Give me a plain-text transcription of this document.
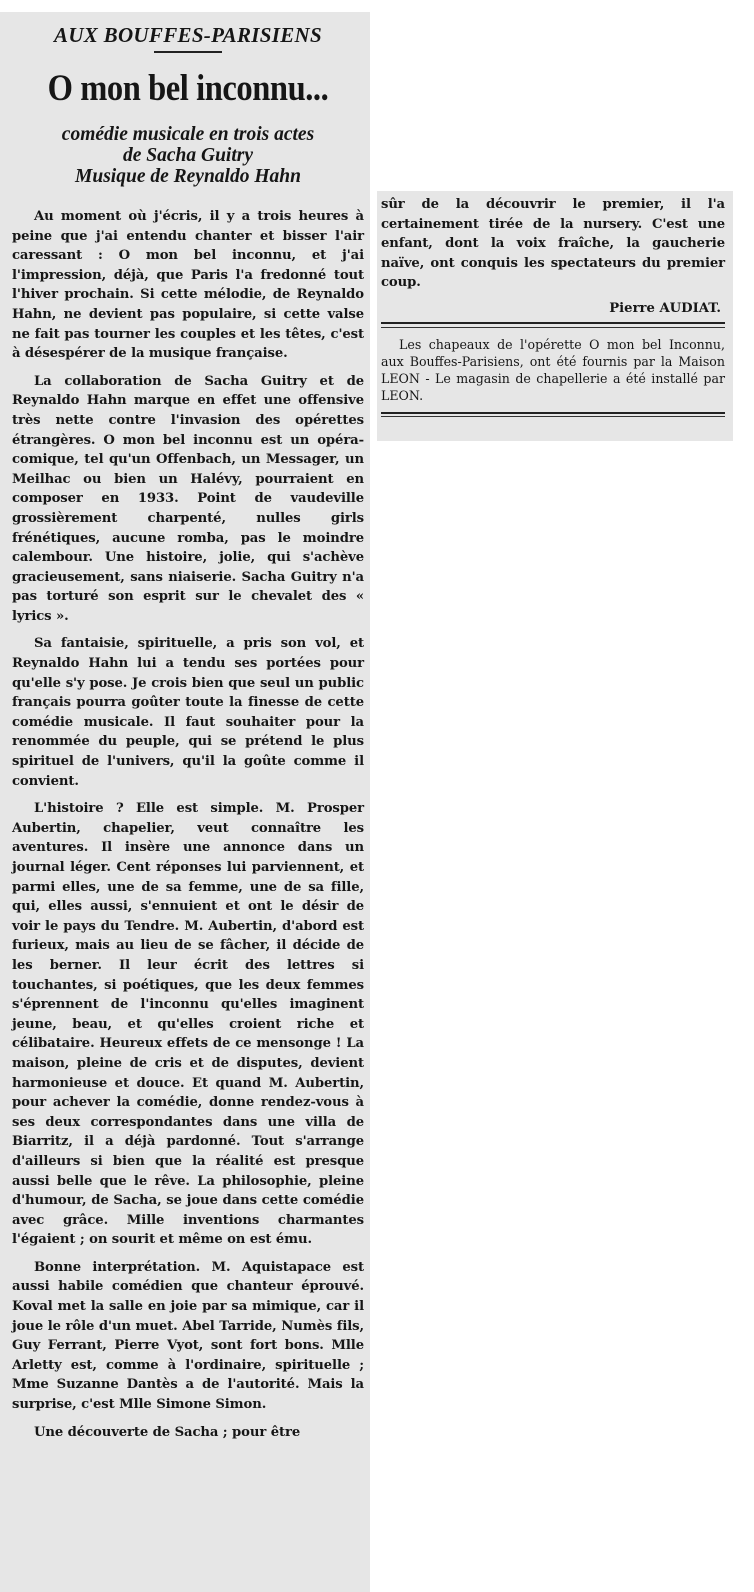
AUX BOUFFES-PARISIENS
O mon bel inconnu...

comédie musicale en trois actes

de Sacha Guitry

Musique de Reynaldo Hahn

Au moment où j'écris, il y a trois heures à peine que j'ai entendu chanter et bisser l'air caressant : O mon bel inconnu, et j'ai l'impression, déjà, que Paris l'a fredonné tout l'hiver prochain. Si cette mélodie, de Reynaldo Hahn, ne devient pas populaire, si cette valse ne fait pas tourner les couples et les têtes, c'est à désespérer de la musique française.

La collaboration de Sacha Guitry et de Reynaldo Hahn marque en effet une offensive très nette contre l'invasion des opérettes étrangères. O mon bel inconnu est un opéra-comique, tel qu'un Offenbach, un Messager, un Meilhac ou bien un Halévy, pourraient en composer en 1933. Point de vaudeville grossièrement charpenté, nulles girls frénétiques, aucune romba, pas le moindre calembour. Une histoire, jolie, qui s'achève gracieusement, sans niaiserie. Sacha Guitry n'a pas torturé son esprit sur le chevalet des « lyrics ».

Sa fantaisie, spirituelle, a pris son vol, et Reynaldo Hahn lui a tendu ses portées pour qu'elle s'y pose. Je crois bien que seul un public français pourra goûter toute la finesse de cette comédie musicale. Il faut souhaiter pour la renommée du peuple, qui se prétend le plus spirituel de l'univers, qu'il la goûte comme il convient.

L'histoire ? Elle est simple. M. Prosper Aubertin, chapelier, veut connaître les aventures. Il insère une annonce dans un journal léger. Cent réponses lui parviennent, et parmi elles, une de sa femme, une de sa fille, qui, elles aussi, s'ennuient et ont le désir de voir le pays du Tendre. M. Aubertin, d'abord est furieux, mais au lieu de se fâcher, il décide de les berner. Il leur écrit des lettres si touchantes, si poétiques, que les deux femmes s'éprennent de l'inconnu qu'elles imaginent jeune, beau, et qu'elles croient riche et célibataire. Heureux effets de ce mensonge ! La maison, pleine de cris et de disputes, devient harmonieuse et douce. Et quand M. Aubertin, pour achever la comédie, donne rendez-vous à ses deux correspondantes dans une villa de Biarritz, il a déjà pardonné. Tout s'arrange d'ailleurs si bien que la réalité est presque aussi belle que le rêve. La philosophie, pleine d'humour, de Sacha, se joue dans cette comédie avec grâce. Mille inventions charmantes l'égaient ; on sourit et même on est ému.

Bonne interprétation. M. Aquistapace est aussi habile comédien que chanteur éprouvé. Koval met la salle en joie par sa mimique, car il joue le rôle d'un muet. Abel Tarride, Numès fils, Guy Ferrant, Pierre Vyot, sont fort bons. Mlle Arletty est, comme à l'ordinaire, spirituelle ; Mme Suzanne Dantès a de l'autorité. Mais la surprise, c'est Mlle Simone Simon.

Une découverte de Sacha ; pour être

sûr de la découvrir le premier, il l'a certainement tirée de la nursery. C'est une enfant, dont la voix fraîche, la gaucherie naïve, ont conquis les spectateurs du premier coup.

Pierre AUDIAT.

Les chapeaux de l'opérette O mon bel Inconnu, aux Bouffes-Parisiens, ont été fournis par la Maison LEON - Le magasin de chapellerie a été installé par LEON.
